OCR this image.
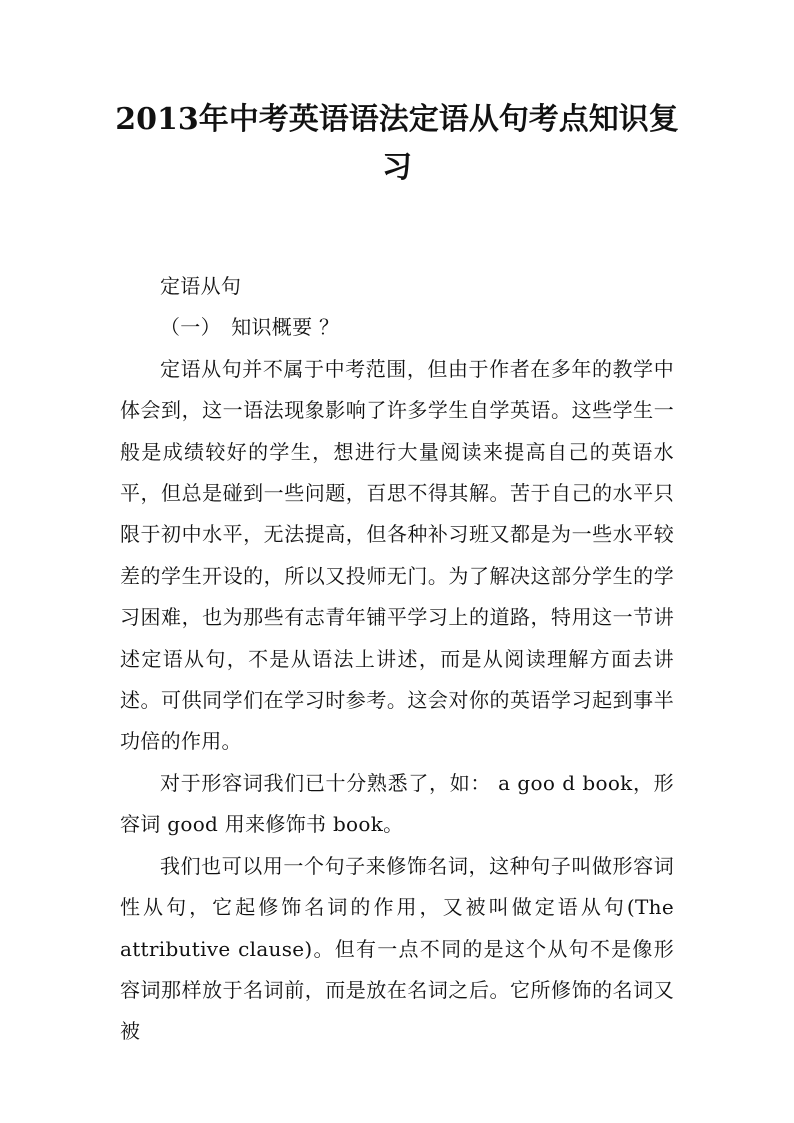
2013年中考英语语法定语从句考点知识复习

定语从句

（一）　知识概要 ？

定语从句并不属于中考范围，但由于作者在多年的教学中体会到，这一语法现象影响了许多学生自学英语。这些学生一般是成绩较好的学生，想进行大量阅读来提高自己的英语水平，但总是碰到一些问题，百思不得其解。苦于自己的水平只限于初中水平，无法提高，但各种补习班又都是为一些水平较差的学生开设的，所以又投师无门。为了解决这部分学生的学习困难，也为那些有志青年铺平学习上的道路，特用这一节讲述定语从句，不是从语法上讲述，而是从阅读理解方面去讲述。可供同学们在学习时参考。这会对你的英语学习起到事半功倍的作用。

对于形容词我们已十分熟悉了，如： a goo d book，形容词 good 用来修饰书 book。

我们也可以用一个句子来修饰名词，这种句子叫做形容词性从句，它起修饰名词的作用，又被叫做定语从句(The attributive clause)。但有一点不同的是这个从句不是像形容词那样放于名词前，而是放在名词之后。它所修饰的名词又被
